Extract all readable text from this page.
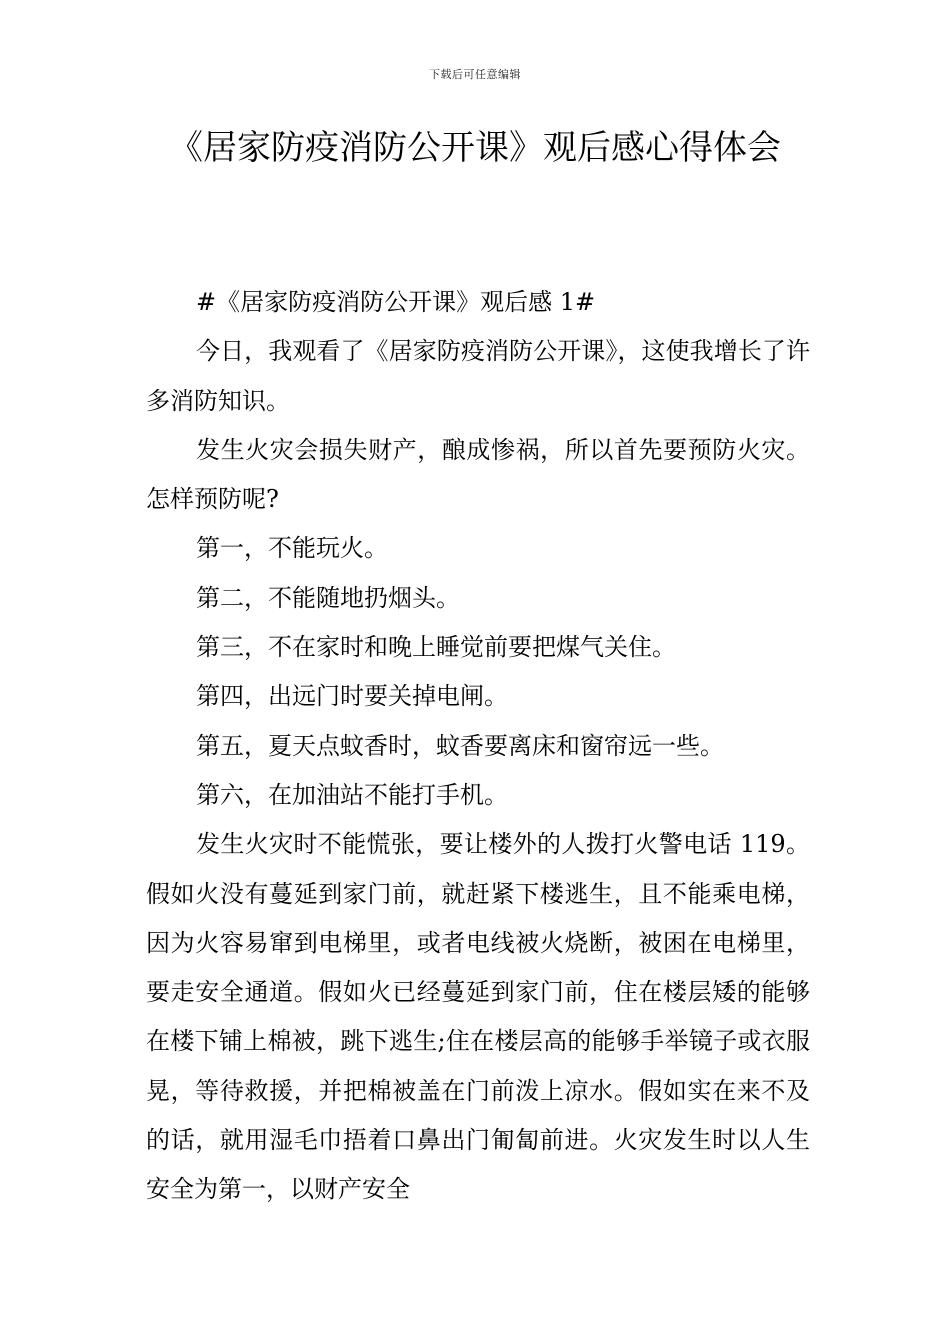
下载后可任意编辑
《居家防疫消防公开课》观后感心得体会

#《居家防疫消防公开课》观后感 1#

今日，我观看了《居家防疫消防公开课》，这使我增长了许多消防知识。

发生火灾会损失财产，酿成惨祸，所以首先要预防火灾。怎样预防呢?

第一，不能玩火。

第二，不能随地扔烟头。

第三，不在家时和晚上睡觉前要把煤气关住。

第四，出远门时要关掉电闸。

第五，夏天点蚊香时，蚊香要离床和窗帘远一些。

第六，在加油站不能打手机。

发生火灾时不能慌张，要让楼外的人拨打火警电话 119。假如火没有蔓延到家门前，就赶紧下楼逃生，且不能乘电梯，因为火容易窜到电梯里，或者电线被火烧断，被困在电梯里，要走安全通道。假如火已经蔓延到家门前，住在楼层矮的能够在楼下铺上棉被，跳下逃生;住在楼层高的能够手举镜子或衣服晃，等待救援，并把棉被盖在门前泼上凉水。假如实在来不及的话，就用湿毛巾捂着口鼻出门匍匐前进。火灾发生时以人生安全为第一，以财产安全
